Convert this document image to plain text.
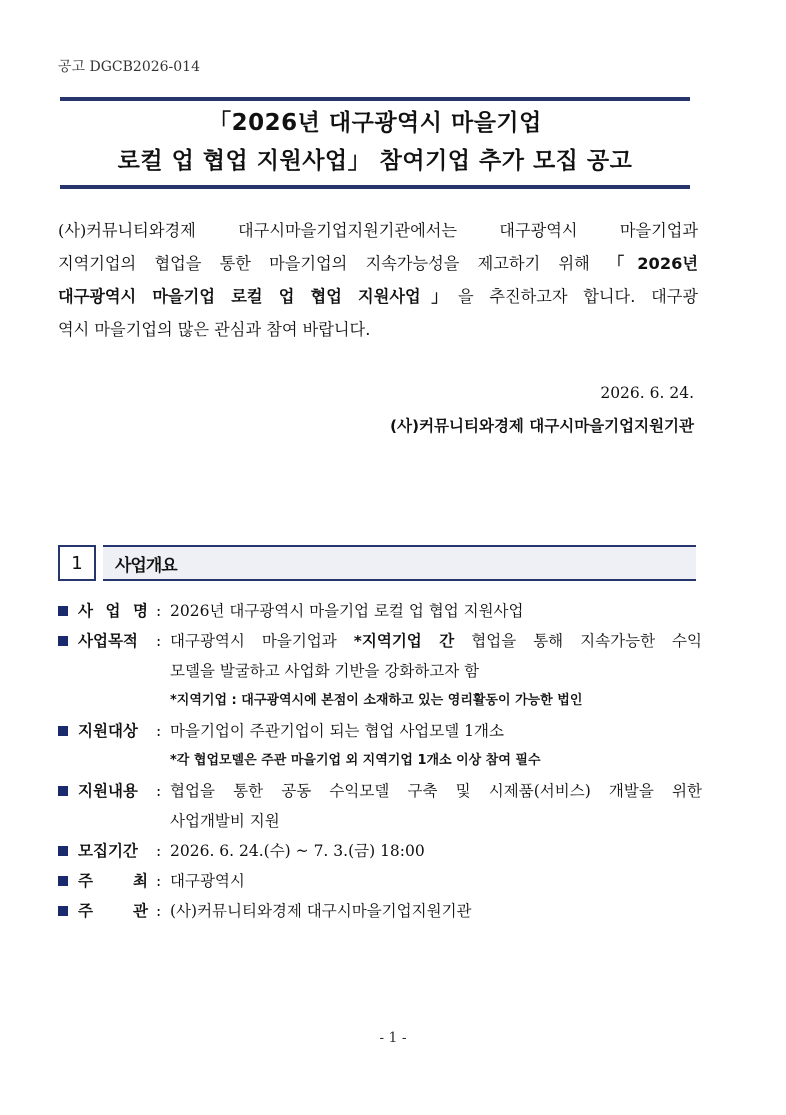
공고 DGCB2026-014
「2026년 대구광역시 마을기업
로컬 업 협업 지원사업」 참여기업 추가 모집 공고
(사)커뮤니티와경제 대구시마을기업지원기관에서는 대구광역시 마을기업과
지역기업의 협업을 통한 마을기업의 지속가능성을 제고하기 위해 「2026년
대구광역시 마을기업 로컬 업 협업 지원사업」을 추진하고자 합니다. 대구광
역시 마을기업의 많은 관심과 참여 바랍니다.
2026. 6. 24.
(사)커뮤니티와경제 대구시마을기업지원기관
1	사업개요
사 업 명 : 2026년 대구광역시 마을기업 로컬 업 협업 지원사업
사업목적	: 대구광역시 마을기업과 *지역기업 간 협업을 통해 지속가능한 수익
모델을 발굴하고 사업화 기반을 강화하고자 함
*지역기업 : 대구광역시에 본점이 소재하고 있는 영리활동이 가능한 법인
지원대상	: 마을기업이 주관기업이 되는 협업 사업모델 1개소
*각 협업모델은 주관 마을기업 외 지역기업 1개소 이상 참여 필수
지원내용	: 협업을 통한 공동 수익모델 구축 및 시제품(서비스) 개발을 위한
사업개발비 지원
모집기간	: 2026. 6. 24.(수) ~ 7. 3.(금) 18:00
주	최 : 대구광역시
주	관 : (사)커뮤니티와경제 대구시마을기업지원기관
- 1 -
